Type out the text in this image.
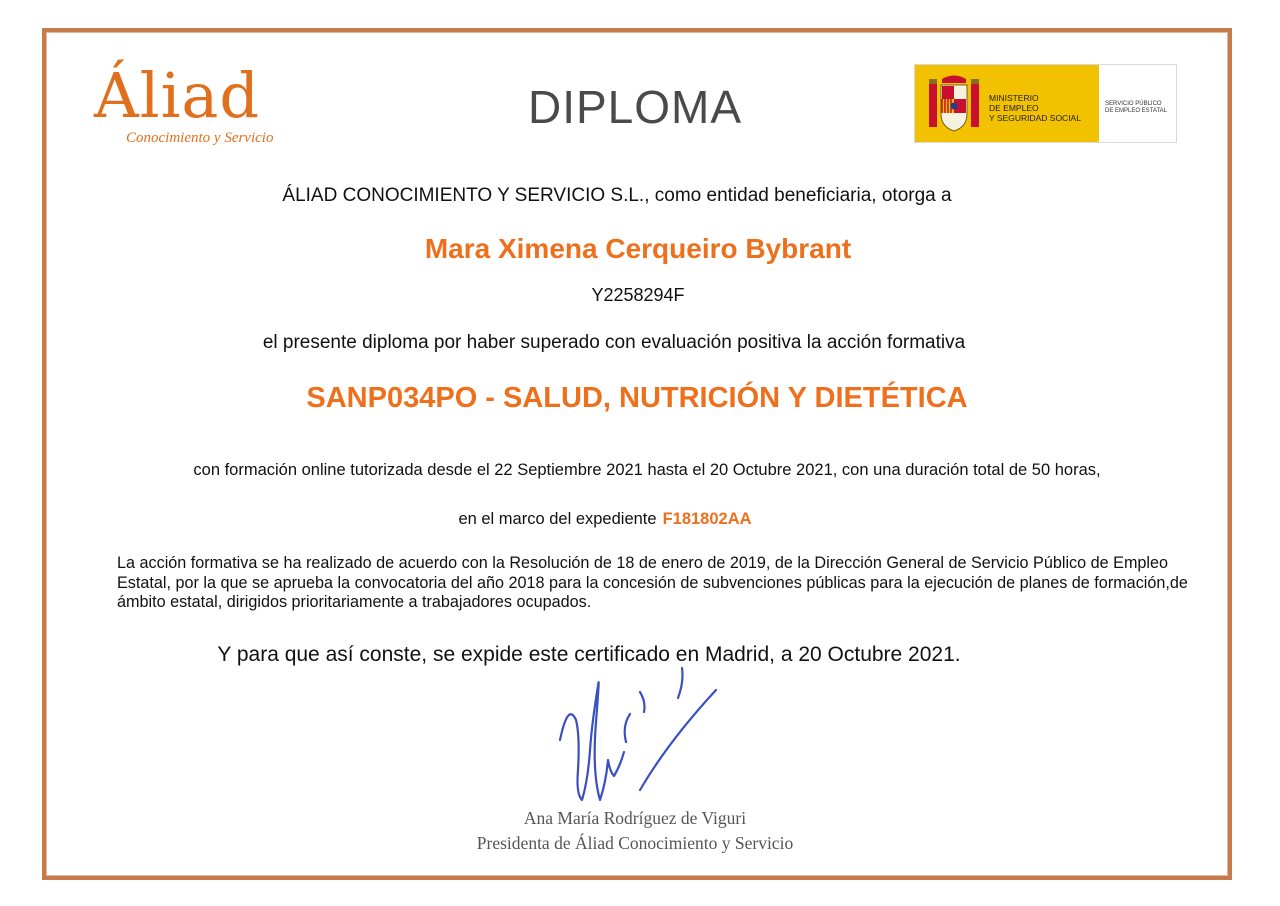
Áliad
Conocimiento y Servicio
DIPLOMA	MINISTERIO
DE EMPLEO
Y SEGURIDAD SOCIAL
SERVICIO PÚBLICO
DE EMPLEO ESTATAL
ÁLIAD CONOCIMIENTO Y SERVICIO S.L., como entidad beneficiaria, otorga a
Mara Ximena Cerqueiro Bybrant
Y2258294F
el presente diploma por haber superado con evaluación positiva la acción formativa
SANP034PO - SALUD, NUTRICIÓN Y DIETÉTICA
con formación online tutorizada desde el 22 Septiembre 2021 hasta el 20 Octubre 2021, con una duración total de 50 horas,
en el marco del expediente F181802AA
La acción formativa se ha realizado de acuerdo con la Resolución de 18 de enero de 2019, de la Dirección General de Servicio Público de Empleo Estatal, por la que se aprueba la convocatoria del año 2018 para la concesión de subvenciones públicas para la ejecución de planes de formación,de ámbito estatal, dirigidos prioritariamente a trabajadores ocupados.
Y para que así conste, se expide este certificado en Madrid, a 20 Octubre 2021.
Ana María Rodríguez de Viguri
Presidenta de Áliad Conocimiento y Servicio
